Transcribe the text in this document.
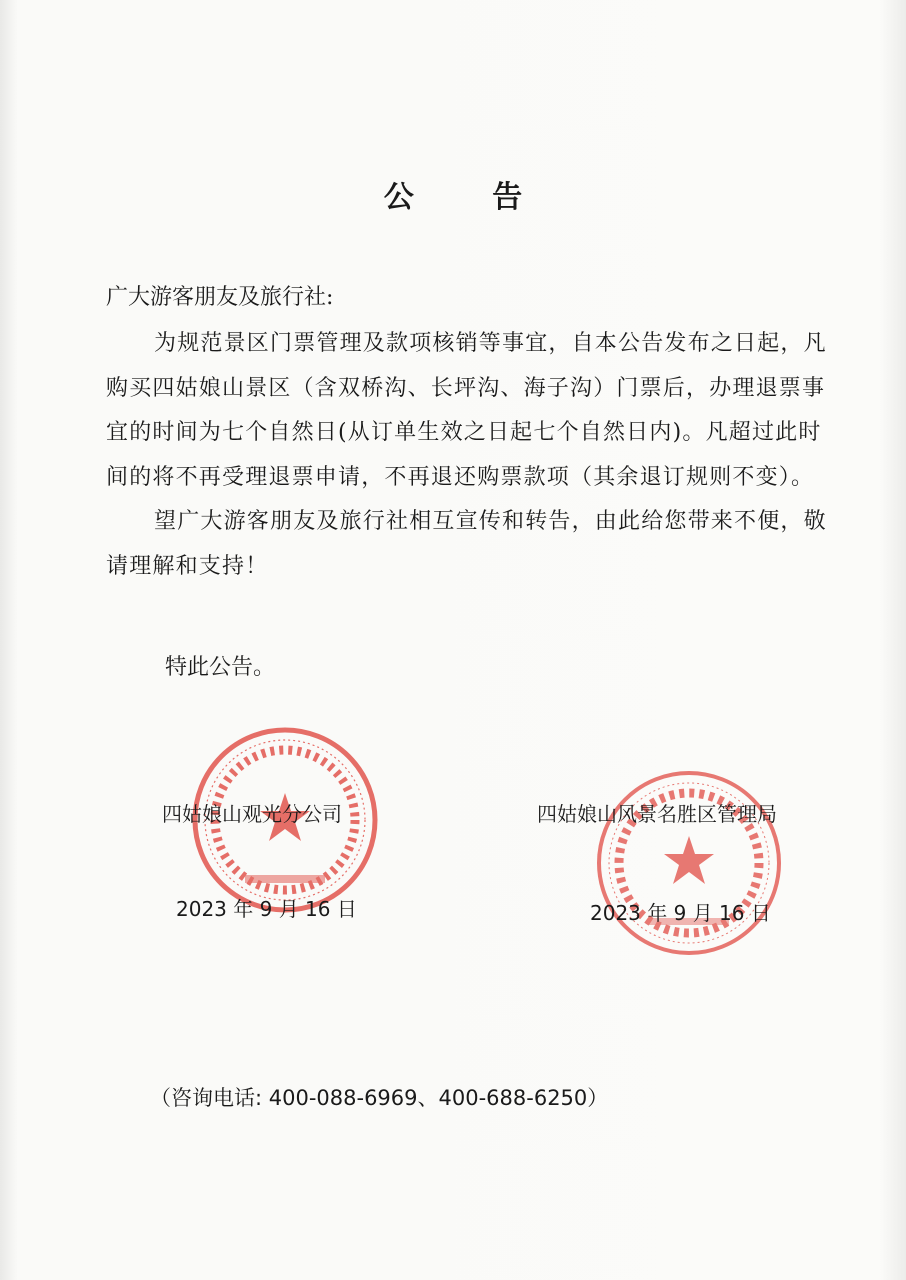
公 告
广大游客朋友及旅行社:

为规范景区门票管理及款项核销等事宜，自本公告发布之日起，凡购买四姑娘山景区（含双桥沟、长坪沟、海子沟）门票后，办理退票事宜的时间为七个自然日(从订单生效之日起七个自然日内)。凡超过此时间的将不再受理退票申请，不再退还购票款项（其余退订规则不变）。

望广大游客朋友及旅行社相互宣传和转告，由此给您带来不便，敬请理解和支持！

特此公告。
四姑娘山观光分公司
2023 年 9 月 16 日
四姑娘山风景名胜区管理局
2023 年 9 月 16 日
（咨询电话: 400-088-6969、400-688-6250）
